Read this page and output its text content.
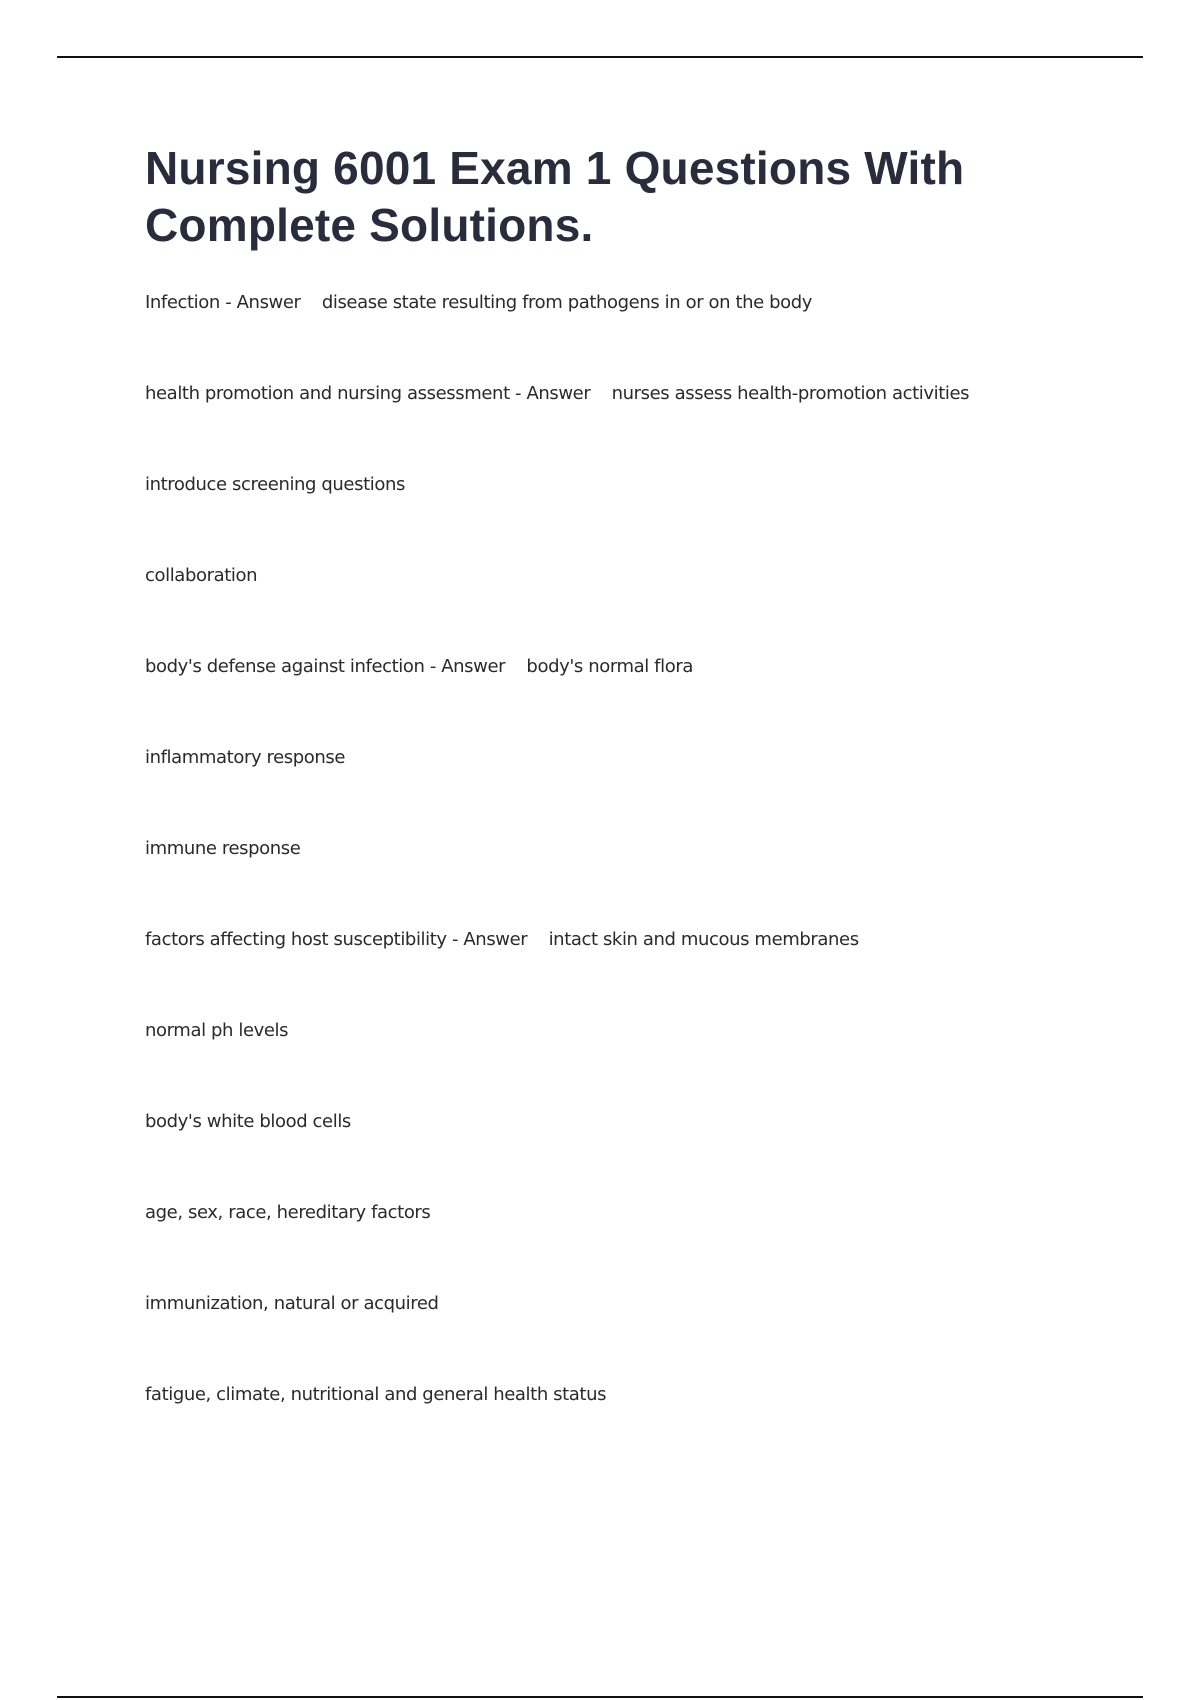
Nursing 6001 Exam 1 Questions With
Complete Solutions.

Infection - Answer    disease state resulting from pathogens in or on the body

health promotion and nursing assessment - Answer    nurses assess health-promotion activities

introduce screening questions

collaboration

body's defense against infection - Answer    body's normal flora

inflammatory response

immune response

factors affecting host susceptibility - Answer    intact skin and mucous membranes

normal ph levels

body's white blood cells

age, sex, race, hereditary factors

immunization, natural or acquired

fatigue, climate, nutritional and general health status
